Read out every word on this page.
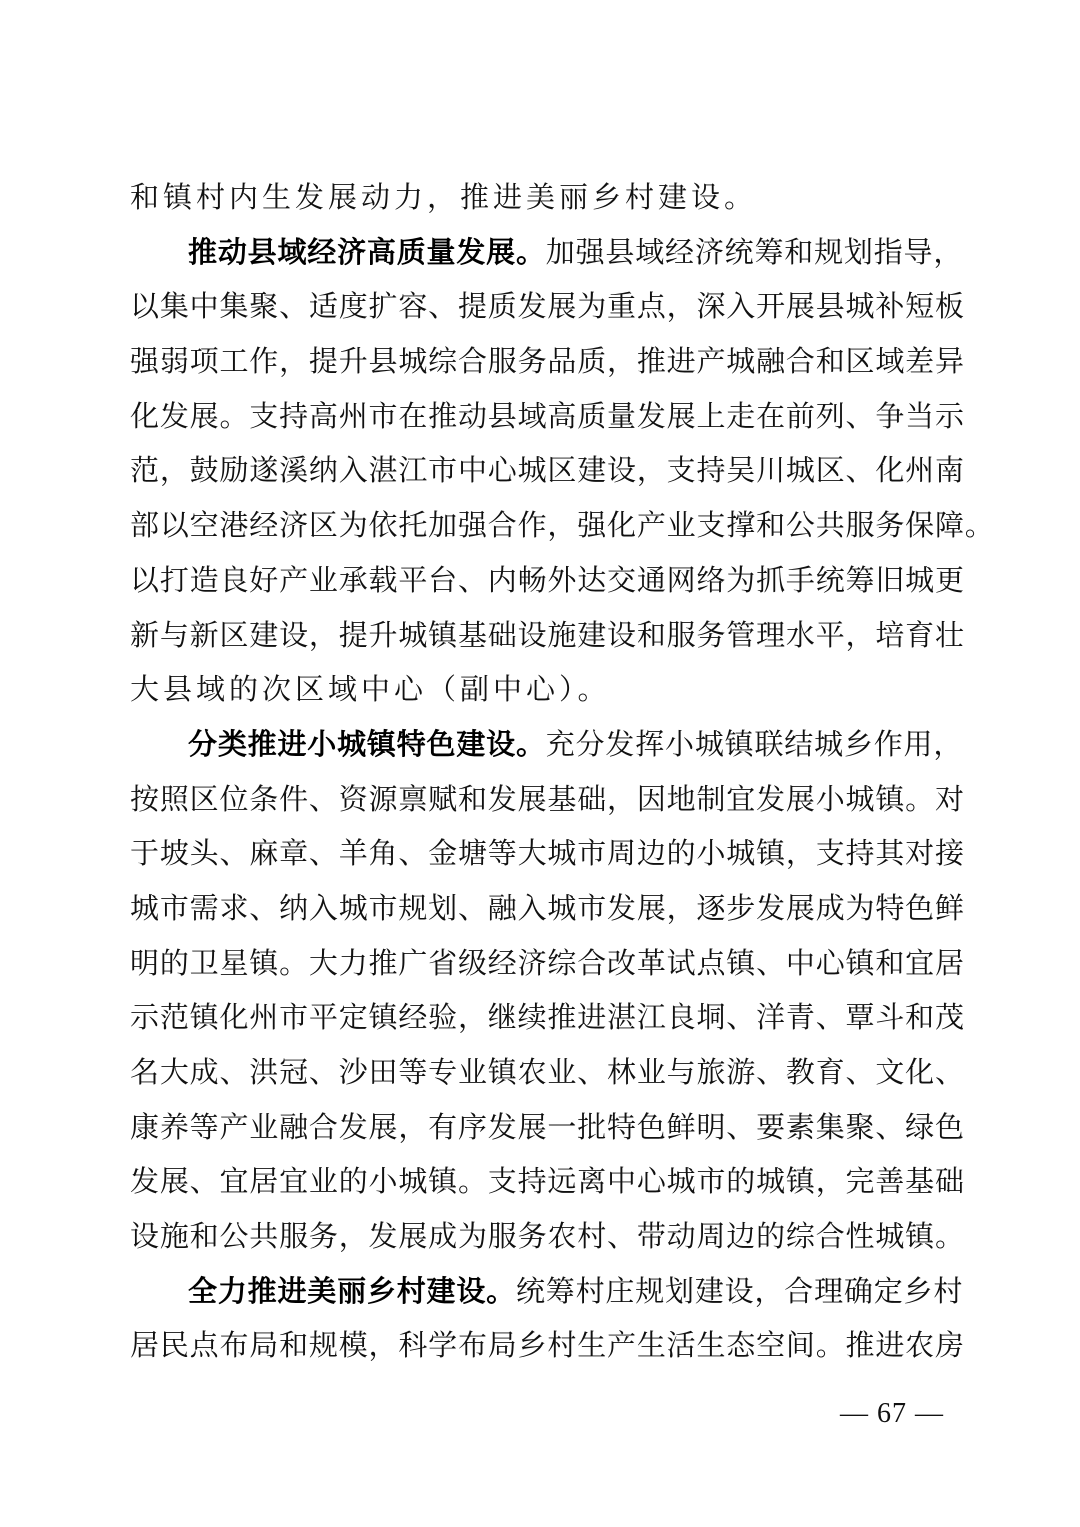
和镇村内生发展动力，推进美丽乡村建设。
推 动 县 域 经 济 高 质 量 发 展 。 加 强 县 域 经 济 统 筹 和 规 划 指 导 ，
以 集 中 集 聚 、 适 度 扩 容 、 提 质 发 展 为 重 点 ， 深 入 开 展 县 城 补 短 板
强 弱 项 工 作 ， 提 升 县 城 综 合 服 务 品 质 ， 推 进 产 城 融 合 和 区 域 差 异
化 发 展 。 支 持 高 州 市 在 推 动 县 域 高 质 量 发 展 上 走 在 前 列 、 争 当 示
范 ， 鼓 励 遂 溪 纳 入 湛 江 市 中 心 城 区 建 设 ， 支 持 吴 川 城 区 、 化 州 南
部 以 空 港 经 济 区 为 依 托 加 强 合 作 ， 强 化 产 业 支 撑 和 公 共 服 务 保 障 。
以 打 造 良 好 产 业 承 载 平 台 、 内 畅 外 达 交 通 网 络 为 抓 手 统 筹 旧 城 更
新 与 新 区 建 设 ， 提 升 城 镇 基 础 设 施 建 设 和 服 务 管 理 水 平 ， 培 育 壮
大县域的次区域中心（副中心）。
分 类 推 进 小 城 镇 特 色 建 设 。 充 分 发 挥 小 城 镇 联 结 城 乡 作 用 ，
按 照 区 位 条 件 、 资 源 禀 赋 和 发 展 基 础 ， 因 地 制 宜 发 展 小 城 镇 。 对
于 坡 头 、 麻 章 、 羊 角 、 金 塘 等 大 城 市 周 边 的 小 城 镇 ， 支 持 其 对 接
城 市 需 求 、 纳 入 城 市 规 划 、 融 入 城 市 发 展 ， 逐 步 发 展 成 为 特 色 鲜
明 的 卫 星 镇 。 大 力 推 广 省 级 经 济 综 合 改 革 试 点 镇 、 中 心 镇 和 宜 居
示 范 镇 化 州 市 平 定 镇 经 验 ， 继 续 推 进 湛 江 良 垌 、 洋 青 、 覃 斗 和 茂
名 大 成 、 洪 冠 、 沙 田 等 专 业 镇 农 业 、 林 业 与 旅 游 、 教 育 、 文 化 、
康 养 等 产 业 融 合 发 展 ， 有 序 发 展 一 批 特 色 鲜 明 、 要 素 集 聚 、 绿 色
发 展 、 宜 居 宜 业 的 小 城 镇 。 支 持 远 离 中 心 城 市 的 城 镇 ， 完 善 基 础
设 施 和 公 共 服 务 ， 发 展 成 为 服 务 农 村 、 带 动 周 边 的 综 合 性 城 镇 。
全 力 推 进 美 丽 乡 村 建 设 。 统 筹 村 庄 规 划 建 设 ， 合 理 确 定 乡 村
居 民 点 布 局 和 规 模 ， 科 学 布 局 乡 村 生 产 生 活 生 态 空 间 。 推 进 农 房
— 67 —
